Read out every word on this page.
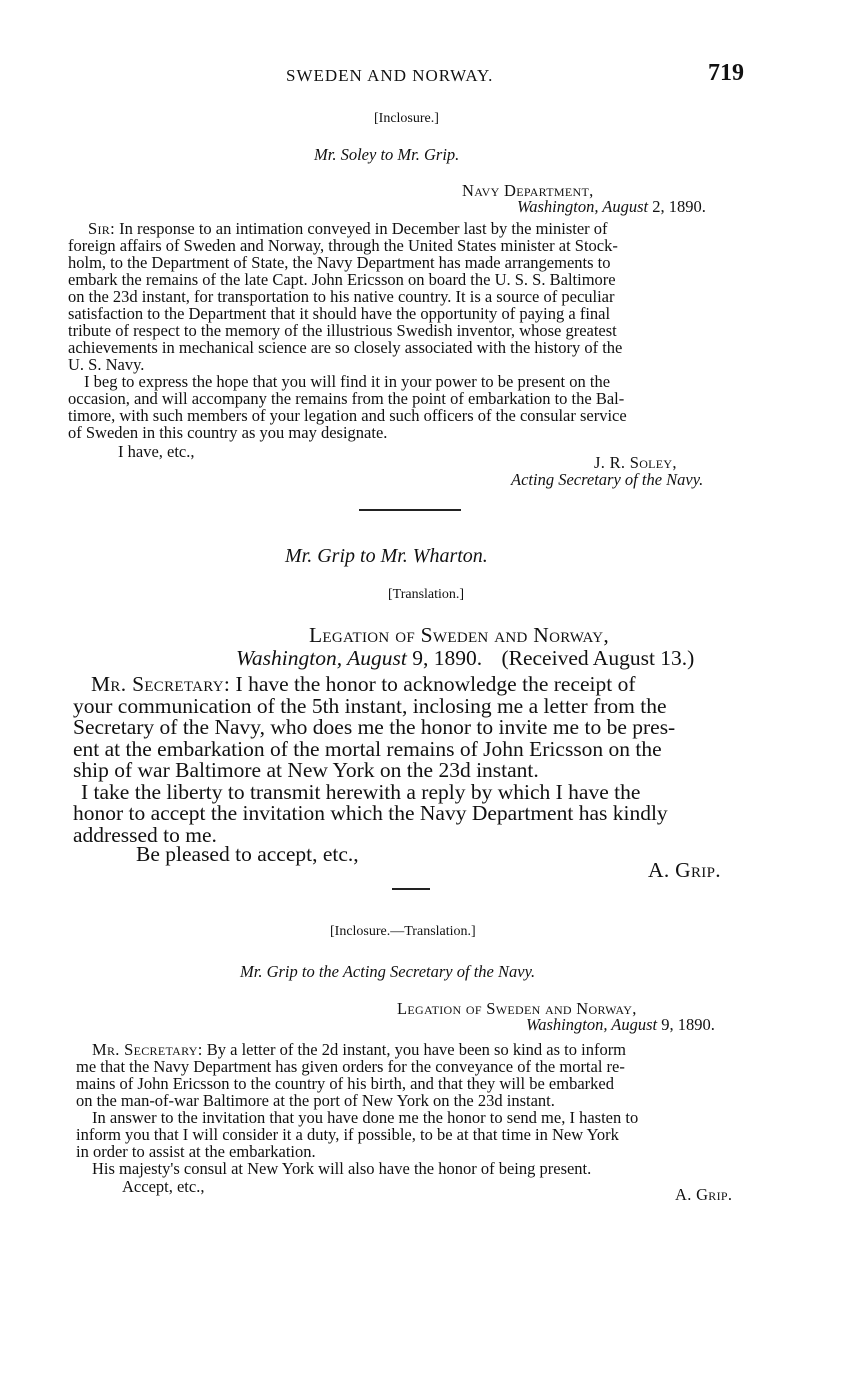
SWEDEN AND NORWAY.	719
[Inclosure.]
Mr. Soley to Mr. Grip.
Navy Department,
Washington, August 2, 1890.
Sir: In response to an intimation conveyed in December last by the minister of
foreign affairs of Sweden and Norway, through the United States minister at Stock-
holm, to the Department of State, the Navy Department has made arrangements to
embark the remains of the late Capt. John Ericsson on board the U. S. S. Baltimore
on the 23d instant, for transportation to his native country. It is a source of peculiar
satisfaction to the Department that it should have the opportunity of paying a final
tribute of respect to the memory of the illustrious Swedish inventor, whose greatest
achievements in mechanical science are so closely associated with the history of the
U. S. Navy.
I beg to express the hope that you will find it in your power to be present on the
occasion, and will accompany the remains from the point of embarkation to the Bal-
timore, with such members of your legation and such officers of the consular service
of Sweden in this country as you may designate.
I have, etc.,
J. R. Soley,
Acting Secretary of the Navy.
Mr. Grip to Mr. Wharton.
[Translation.]
Legation of Sweden and Norway,
Washington, August 9, 1890. (Received August 13.)
Mr. Secretary: I have the honor to acknowledge the receipt of
your communication of the 5th instant, inclosing me a letter from the
Secretary of the Navy, who does me the honor to invite me to be pres-
ent at the embarkation of the mortal remains of John Ericsson on the
ship of war Baltimore at New York on the 23d instant.
I take the liberty to transmit herewith a reply by which I have the
honor to accept the invitation which the Navy Department has kindly
addressed to me.
Be pleased to accept, etc.,
A. Grip.
[Inclosure.—Translation.]
Mr. Grip to the Acting Secretary of the Navy.
Legation of Sweden and Norway,
Washington, August 9, 1890.
Mr. Secretary: By a letter of the 2d instant, you have been so kind as to inform
me that the Navy Department has given orders for the conveyance of the mortal re-
mains of John Ericsson to the country of his birth, and that they will be embarked
on the man-of-war Baltimore at the port of New York on the 23d instant.
In answer to the invitation that you have done me the honor to send me, I hasten to
inform you that I will consider it a duty, if possible, to be at that time in New York
in order to assist at the embarkation.
His majesty's consul at New York will also have the honor of being present.
Accept, etc.,	A. Grip.
